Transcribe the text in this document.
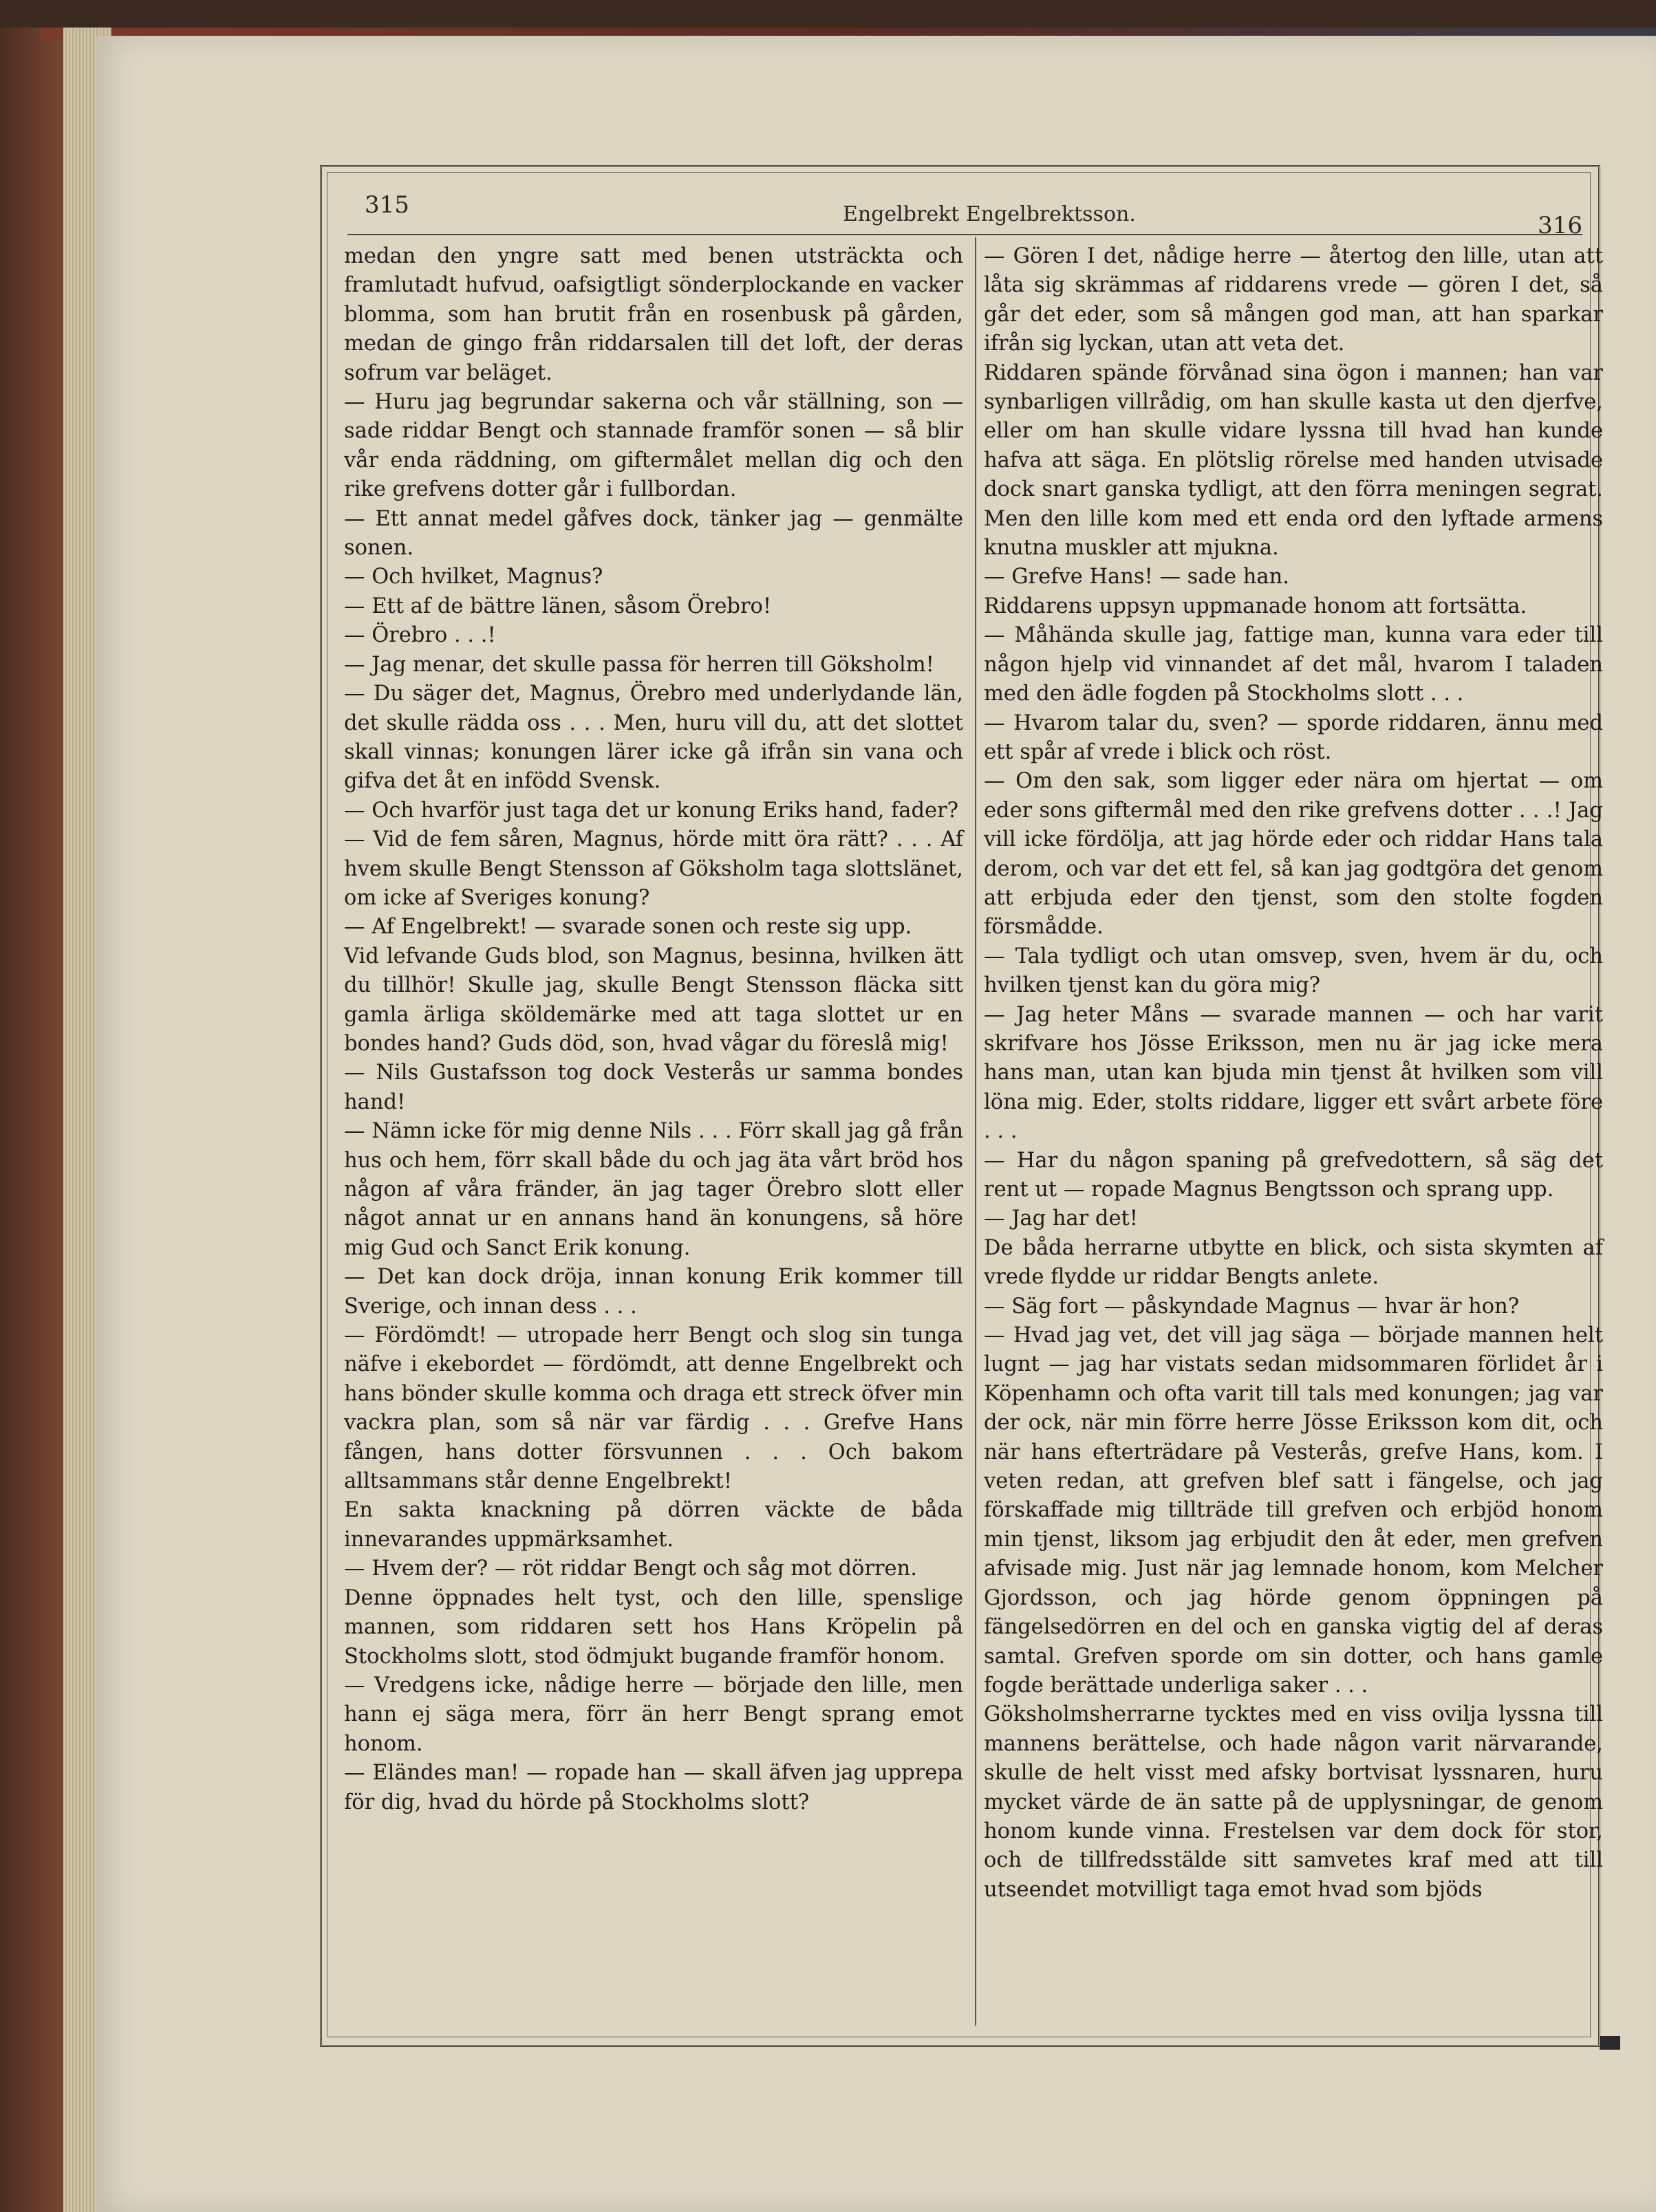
315	Engelbrekt Engelbrektsson.	316

medan den yngre satt med benen utsträckta och framlutadt hufvud, oafsigtligt sönderplockande en vacker blomma, som han brutit från en rosenbusk på gården, medan de gingo från riddarsalen till det loft, der deras sofrum var beläget.

— Huru jag begrundar sakerna och vår ställning, son — sade riddar Bengt och stannade framför sonen — så blir vår enda räddning, om giftermålet mellan dig och den rike grefvens dotter går i fullbordan.

— Ett annat medel gåfves dock, tänker jag — genmälte sonen.

— Och hvilket, Magnus?

— Ett af de bättre länen, såsom Örebro!

— Örebro . . .!

— Jag menar, det skulle passa för herren till Göksholm!

— Du säger det, Magnus, Örebro med underlydande län, det skulle rädda oss . . . Men, huru vill du, att det slottet skall vinnas; konungen lärer icke gå ifrån sin vana och gifva det åt en infödd Svensk.

— Och hvarför just taga det ur konung Eriks hand, fader?

— Vid de fem såren, Magnus, hörde mitt öra rätt? . . . Af hvem skulle Bengt Stensson af Göksholm taga slottslänet, om icke af Sveriges konung?

— Af Engelbrekt! — svarade sonen och reste sig upp.

Vid lefvande Guds blod, son Magnus, besinna, hvilken ätt du tillhör! Skulle jag, skulle Bengt Stensson fläcka sitt gamla ärliga sköldemärke med att taga slottet ur en bondes hand? Guds död, son, hvad vågar du föreslå mig!

— Nils Gustafsson tog dock Vesterås ur samma bondes hand!

— Nämn icke för mig denne Nils . . . Förr skall jag gå från hus och hem, förr skall både du och jag äta vårt bröd hos någon af våra fränder, än jag tager Örebro slott eller något annat ur en annans hand än konungens, så höre mig Gud och Sanct Erik konung.

— Det kan dock dröja, innan konung Erik kommer till Sverige, och innan dess . . .

— Fördömdt! — utropade herr Bengt och slog sin tunga näfve i ekebordet — fördömdt, att denne Engelbrekt och hans bönder skulle komma och draga ett streck öfver min vackra plan, som så när var färdig . . . Grefve Hans fången, hans dotter försvunnen . . . Och bakom alltsammans står denne Engelbrekt!

En sakta knackning på dörren väckte de båda innevarandes uppmärksamhet.

— Hvem der? — röt riddar Bengt och såg mot dörren.

Denne öppnades helt tyst, och den lille, spenslige mannen, som riddaren sett hos Hans Kröpelin på Stockholms slott, stod ödmjukt bugande framför honom.

— Vredgens icke, nådige herre — började den lille, men hann ej säga mera, förr än herr Bengt sprang emot honom.

— Eländes man! — ropade han — skall äfven jag upprepa för dig, hvad du hörde på Stockholms slott?

— Gören I det, nådige herre — återtog den lille, utan att låta sig skrämmas af riddarens vrede — gören I det, så går det eder, som så mången god man, att han sparkar ifrån sig lyckan, utan att veta det.

Riddaren spände förvånad sina ögon i mannen; han var synbarligen villrådig, om han skulle kasta ut den djerfve, eller om han skulle vidare lyssna till hvad han kunde hafva att säga. En plötslig rörelse med handen utvisade dock snart ganska tydligt, att den förra meningen segrat. Men den lille kom med ett enda ord den lyftade armens knutna muskler att mjukna.

— Grefve Hans! — sade han.

Riddarens uppsyn uppmanade honom att fortsätta.

— Måhända skulle jag, fattige man, kunna vara eder till någon hjelp vid vinnandet af det mål, hvarom I taladen med den ädle fogden på Stockholms slott . . .

— Hvarom talar du, sven? — sporde riddaren, ännu med ett spår af vrede i blick och röst.

— Om den sak, som ligger eder nära om hjertat — om eder sons giftermål med den rike grefvens dotter . . .! Jag vill icke fördölja, att jag hörde eder och riddar Hans tala derom, och var det ett fel, så kan jag godtgöra det genom att erbjuda eder den tjenst, som den stolte fogden försmådde.

— Tala tydligt och utan omsvep, sven, hvem är du, och hvilken tjenst kan du göra mig?

— Jag heter Måns — svarade mannen — och har varit skrifvare hos Jösse Eriksson, men nu är jag icke mera hans man, utan kan bjuda min tjenst åt hvilken som vill löna mig. Eder, stolts riddare, ligger ett svårt arbete före . . .

— Har du någon spaning på grefvedottern, så säg det rent ut — ropade Magnus Bengtsson och sprang upp.

— Jag har det!

De båda herrarne utbytte en blick, och sista skymten af vrede flydde ur riddar Bengts anlete.

— Säg fort — påskyndade Magnus — hvar är hon?

— Hvad jag vet, det vill jag säga — började mannen helt lugnt — jag har vistats sedan midsommaren förlidet år i Köpenhamn och ofta varit till tals med konungen; jag var der ock, när min förre herre Jösse Eriksson kom dit, och när hans efterträdare på Vesterås, grefve Hans, kom. I veten redan, att grefven blef satt i fängelse, och jag förskaffade mig tillträde till grefven och erbjöd honom min tjenst, liksom jag erbjudit den åt eder, men grefven afvisade mig. Just när jag lemnade honom, kom Melcher Gjordsson, och jag hörde genom öppningen på fängelsedörren en del och en ganska vigtig del af deras samtal. Grefven sporde om sin dotter, och hans gamle fogde berättade underliga saker . . .

Göksholmsherrarne tycktes med en viss ovilja lyssna till mannens berättelse, och hade någon varit närvarande, skulle de helt visst med afsky bortvisat lyssnaren, huru mycket värde de än satte på de upplysningar, de genom honom kunde vinna. Frestelsen var dem dock för stor, och de tillfredsstälde sitt samvetes kraf med att till utseendet motvilligt taga emot hvad som bjöds
